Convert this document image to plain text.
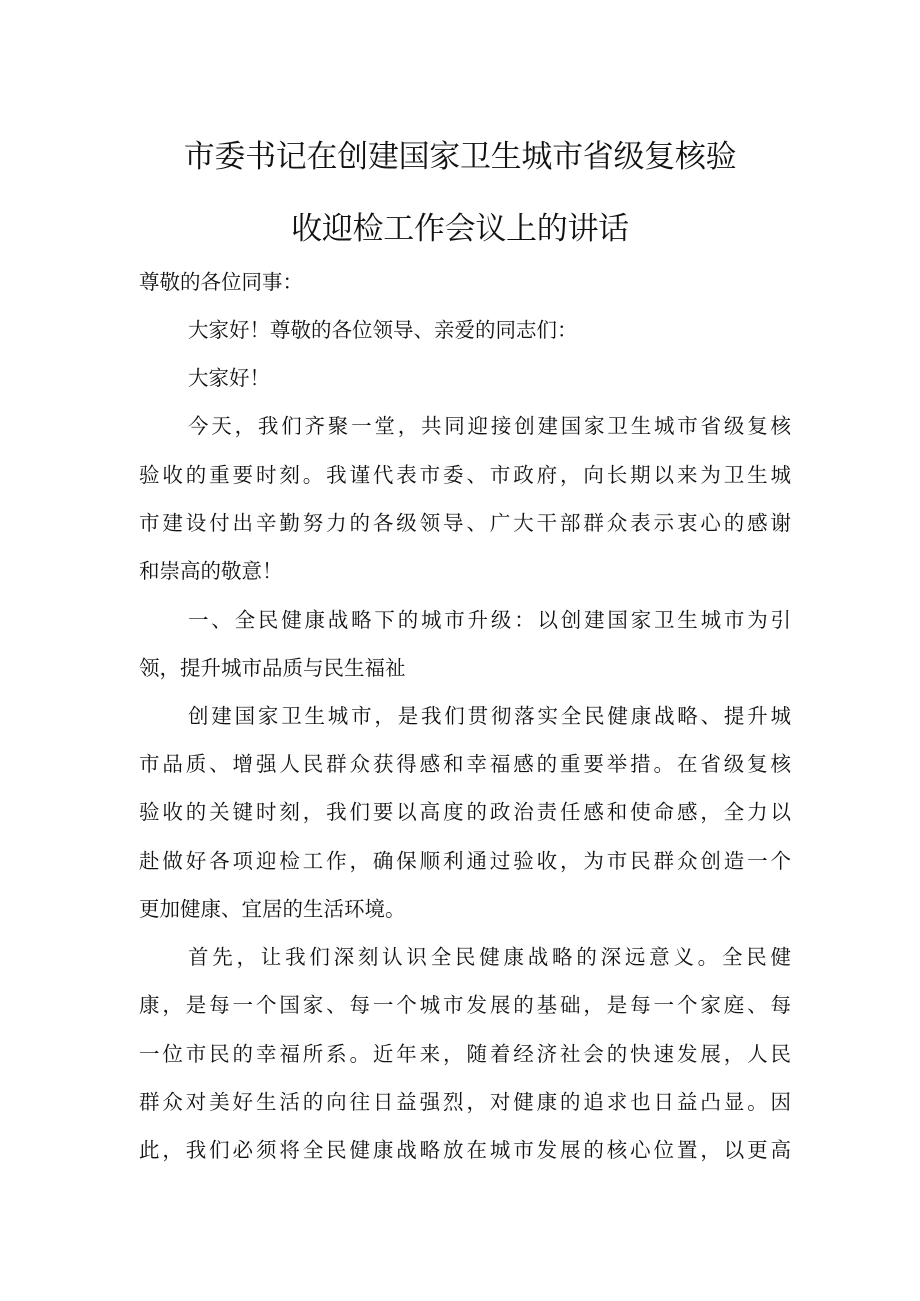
市委书记在创建国家卫生城市省级复核验
收迎检工作会议上的讲话
尊敬的各位同事：
大家好！尊敬的各位领导、亲爱的同志们：
大家好！
今天，我们齐聚一堂，共同迎接创建国家卫生城市省级复核
验收的重要时刻。我谨代表市委、市政府，向长期以来为卫生城
市建设付出辛勤努力的各级领导、广大干部群众表示衷心的感谢
和崇高的敬意！
一、全民健康战略下的城市升级：以创建国家卫生城市为引
领，提升城市品质与民生福祉
创建国家卫生城市，是我们贯彻落实全民健康战略、提升城
市品质、增强人民群众获得感和幸福感的重要举措。在省级复核
验收的关键时刻，我们要以高度的政治责任感和使命感，全力以
赴做好各项迎检工作，确保顺利通过验收，为市民群众创造一个
更加健康、宜居的生活环境。
首先，让我们深刻认识全民健康战略的深远意义。全民健
康，是每一个国家、每一个城市发展的基础，是每一个家庭、每
一位市民的幸福所系。近年来，随着经济社会的快速发展，人民
群众对美好生活的向往日益强烈，对健康的追求也日益凸显。因
此，我们必须将全民健康战略放在城市发展的核心位置，以更高
